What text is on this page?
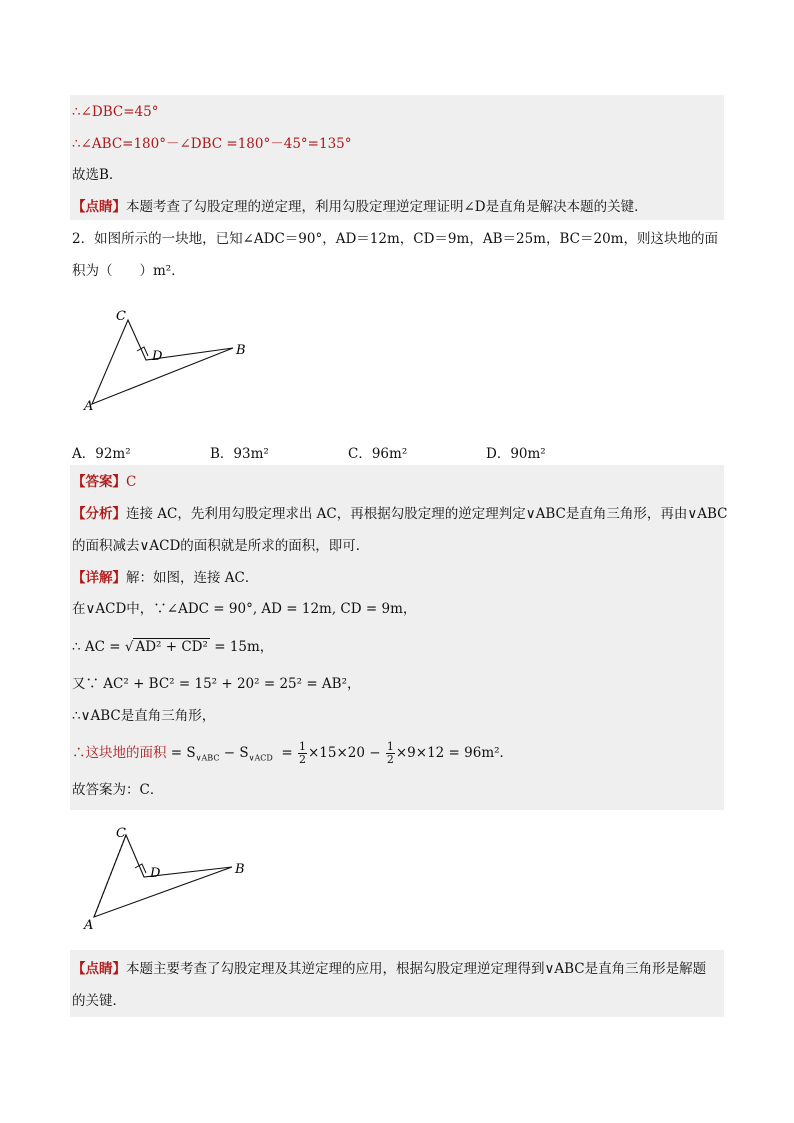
∴∠DBC=45°
∴∠ABC=180°－∠DBC =180°－45°=135°
故选B．
【点睛】本题考查了勾股定理的逆定理，利用勾股定理逆定理证明∠D是直角是解决本题的关键．
2．如图所示的一块地，已知∠ADC＝90°，AD＝12m，CD＝9m，AB＝25m，BC＝20m，则这块地的面
积为（　　）m²．
C
D	B
A
A．92m²	B．93m²	C．96m²	D．90m²
【答案】C
【分析】连接 AC，先利用勾股定理求出 AC，再根据勾股定理的逆定理判定∨ABC是直角三角形，再由∨ABC
的面积减去∨ACD的面积就是所求的面积，即可．
【详解】解：如图，连接 AC．
在∨ACD中，∵∠ADC = 90°, AD = 12m, CD = 9m，
∴ AC = √ AD² + CD² = 15m，
又∵ AC² + BC² = 15² + 20² = 25² = AB²，
∴∨ABC是直角三角形，
∴这块地的面积 = $S_{\vee ABC} - S_{\vee ACD} = \frac{1}{2} \times 15\times 20 - \frac{1}{2} \times 9\times 12 = 96m^2$．
故答案为：C．
C
D	B
A
【点睛】本题主要考查了勾股定理及其逆定理的应用，根据勾股定理逆定理得到∨ABC是直角三角形是解题
的关键．
